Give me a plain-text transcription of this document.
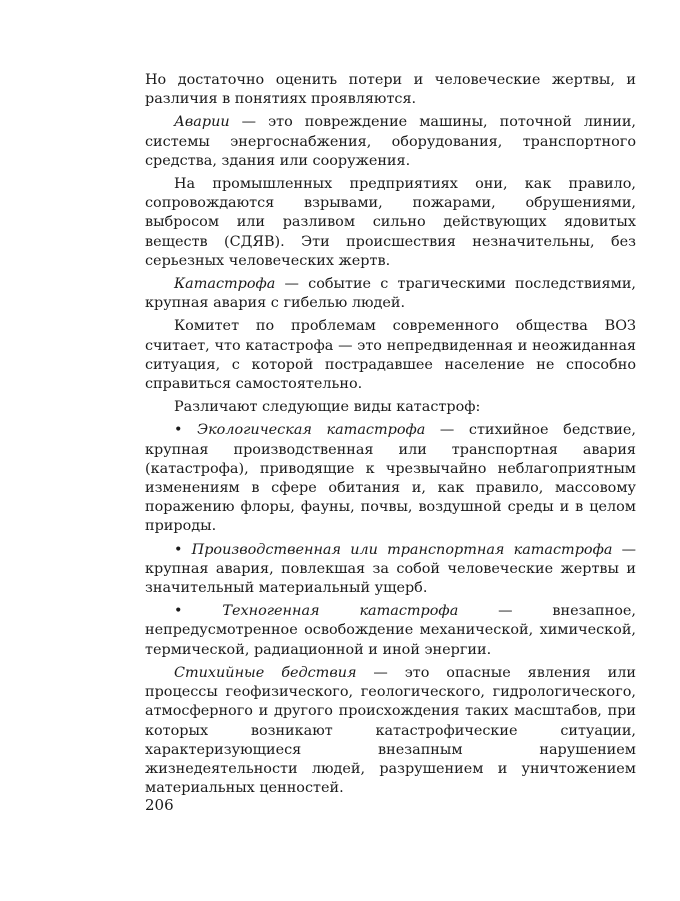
Но достаточно оценить потери и человеческие жертвы, и различия в понятиях проявляются.

Аварии — это повреждение машины, поточной линии, системы энергоснабжения, оборудования, транспортного средства, здания или сооружения.

На промышленных предприятиях они, как правило, сопровождаются взрывами, пожарами, обрушениями, выбросом или разливом сильно действующих ядовитых веществ (СДЯВ). Эти происшествия незначительны, без серьезных человеческих жертв.

Катастрофа — событие с трагическими последствиями, крупная авария с гибелью людей.

Комитет по проблемам современного общества ВОЗ считает, что катастрофа — это непредвиденная и неожиданная ситуация, с которой пострадавшее население не способно справиться самостоятельно.

Различают следующие виды катастроф:

• Экологическая катастрофа — стихийное бедствие, крупная производственная или транспортная авария (катастрофа), приводящие к чрезвычайно неблагоприятным изменениям в сфере обитания и, как правило, массовому поражению флоры, фауны, почвы, воздушной среды и в целом природы.

• Производственная или транспортная катастрофа — крупная авария, повлекшая за собой человеческие жертвы и значительный материальный ущерб.

• Техногенная катастрофа — внезапное, непредусмотренное освобождение механической, химической, термической, радиационной и иной энергии.

Стихийные бедствия — это опасные явления или процессы геофизического, геологического, гидрологического, атмосферного и другого происхождения таких масштабов, при которых возникают катастрофические ситуации, характеризующиеся внезапным нарушением жизнедеятельности людей, разрушением и уничтожением материальных ценностей.

206
